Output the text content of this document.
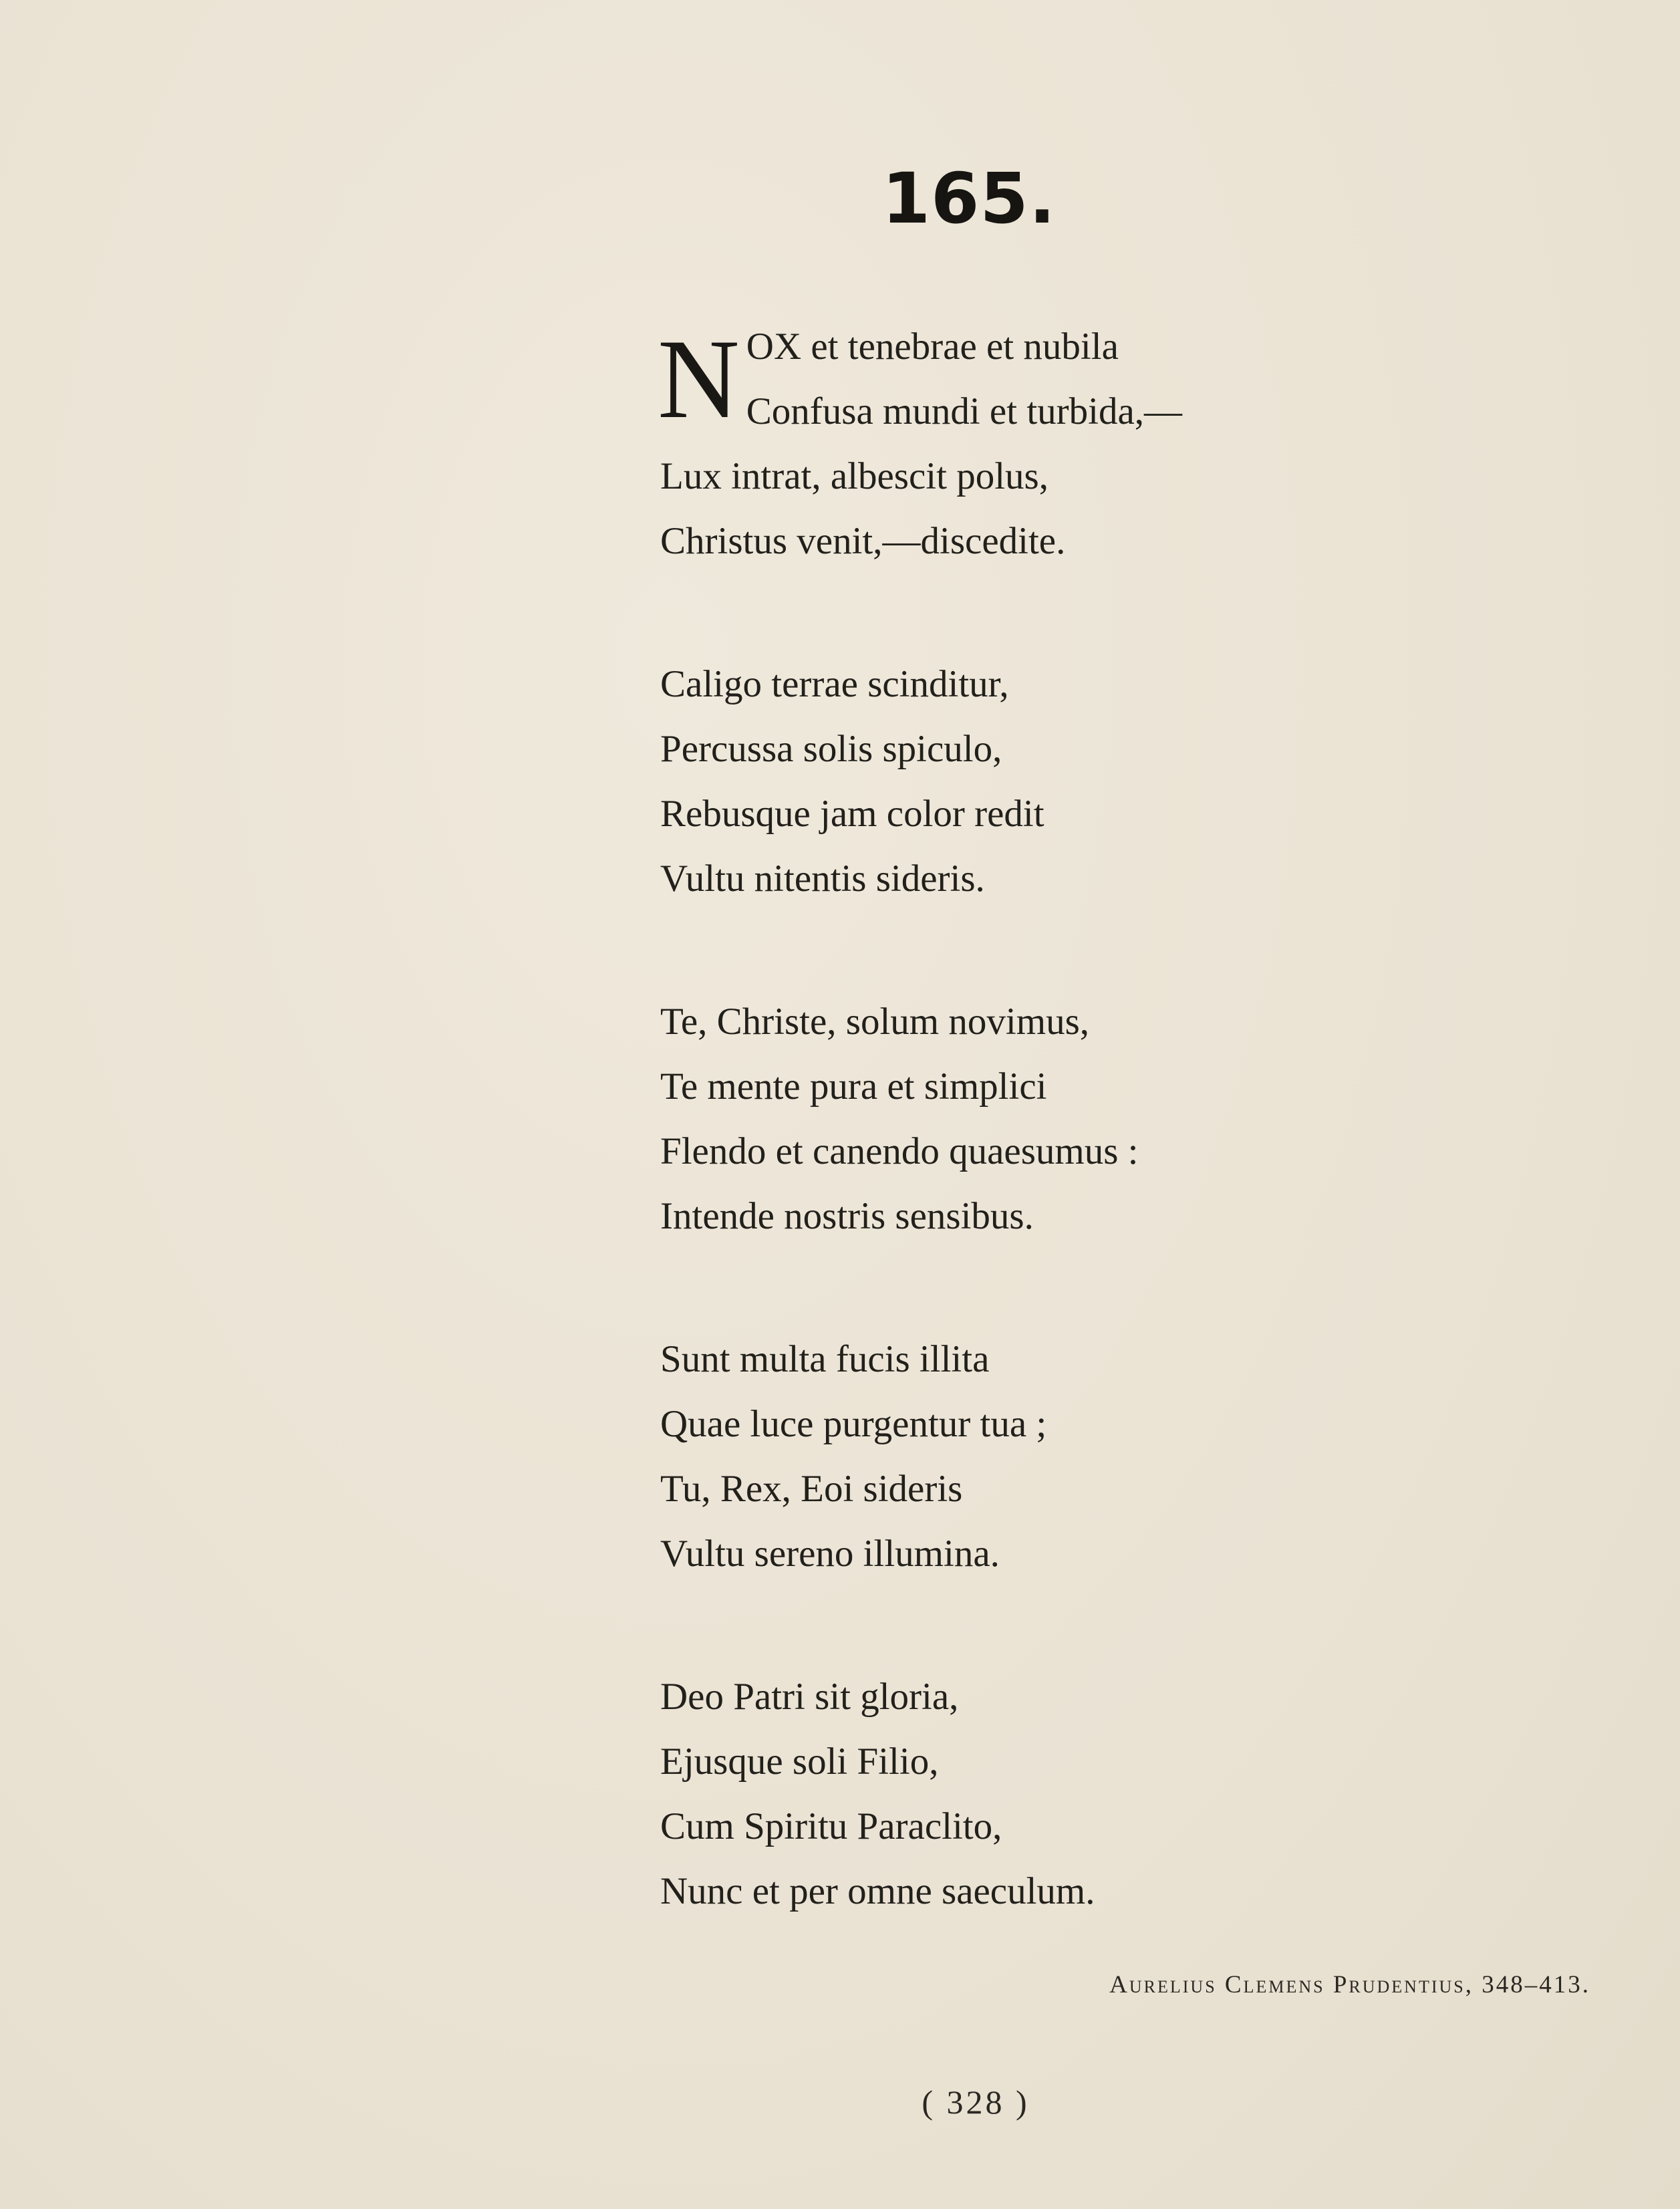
165.
N OX et tenebrae et nubila
Confusa mundi et turbida,—
Lux intrat, albescit polus,
Christus venit,—discedite.
Caligo terrae scinditur,
Percussa solis spiculo,
Rebusque jam color redit
Vultu nitentis sideris.
Te, Christe, solum novimus,
Te mente pura et simplici
Flendo et canendo quaesumus :
Intende nostris sensibus.
Sunt multa fucis illita
Quae luce purgentur tua ;
Tu, Rex, Eoi sideris
Vultu sereno illumina.
Deo Patri sit gloria,
Ejusque soli Filio,
Cum Spiritu Paraclito,
Nunc et per omne saeculum.
Aurelius Clemens Prudentius, 348–413.
( 328 )
